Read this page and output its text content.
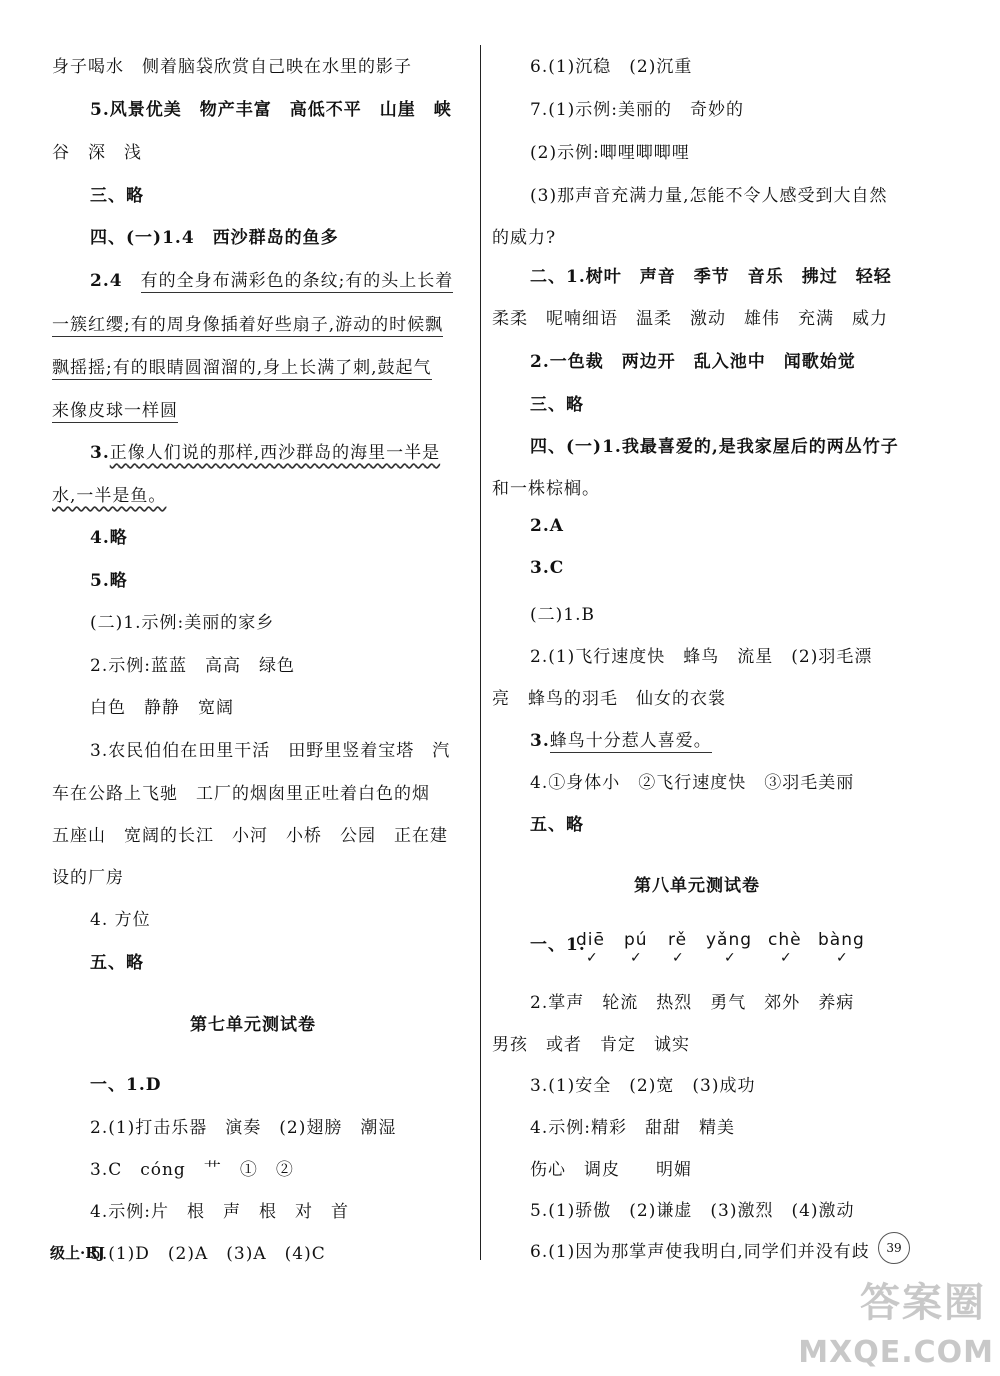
身子喝水　侧着脑袋欣赏自己映在水里的影子
5.风景优美　物产丰富　高低不平　山崖　峡
谷　深　浅
三、略
四、(一)1.4　西沙群岛的鱼多
2.4　有的全身布满彩色的条纹;有的头上长着
一簇红缨;有的周身像插着好些扇子,游动的时候飘
飘摇摇;有的眼睛圆溜溜的,身上长满了刺,鼓起气
来像皮球一样圆
3.正像人们说的那样,西沙群岛的海里一半是
水,一半是鱼。
4.略
5.略
(二)1.示例:美丽的家乡
2.示例:蓝蓝　高高　绿色
白色　静静　宽阔
3.农民伯伯在田里干活　田野里竖着宝塔　汽
车在公路上飞驰　工厂的烟囱里正吐着白色的烟
五座山　宽阔的长江　小河　小桥　公园　正在建
设的厂房
4. 方位
五、略
第七单元测试卷
一、1.D
2.(1)打击乐器　演奏　(2)翅膀　潮湿
3.C　cóng　艹　①　②
4.示例:片　根　声　根　对　首
5.(1)D　(2)A　(3)A　(4)C
6.(1)沉稳　(2)沉重
7.(1)示例:美丽的　奇妙的
(2)示例:唧哩唧唧哩
(3)那声音充满力量,怎能不令人感受到大自然
的威力?
二、1.树叶　声音　季节　音乐　拂过　轻轻
柔柔　呢喃细语　温柔　激动　雄伟　充满　威力
2.一色裁　两边开　乱入池中　闻歌始觉
三、略
四、(一)1.我最喜爱的,是我家屋后的两丛竹子
和一株棕榈。
2.A
3.C
(二)1.B
2.(1)飞行速度快　蜂鸟　流星　(2)羽毛漂
亮　蜂鸟的羽毛　仙女的衣裳
3.蜂鸟十分惹人喜爱。
4.①身体小　②飞行速度快　③羽毛美丽
五、略
第八单元测试卷
一、1.
diē pú rě yǎng chè bàng
✓ ✓ ✓	✓	✓	✓
2.掌声　轮流　热烈　勇气　郊外　养病
男孩　或者　肯定　诚实
3.(1)安全　(2)宽　(3)成功
4.示例:精彩　甜甜　精美
伤心　调皮　　明媚
5.(1)骄傲　(2)谦虚　(3)激烈　(4)激动
6.(1)因为那掌声使我明白,同学们并没有歧
级上·RJ	39
答案圈
MXQE.COM
